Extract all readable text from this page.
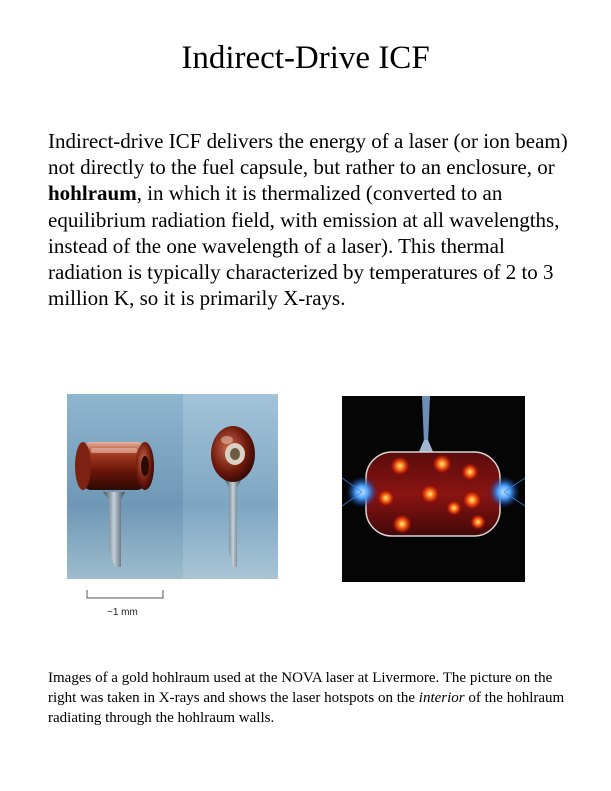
Indirect-Drive ICF
Indirect-drive ICF delivers the energy of a laser (or ion beam) not directly to the fuel capsule, but rather to an enclosure, or hohlraum, in which it is thermalized (converted to an equilibrium radiation field, with emission at all wavelengths, instead of the one wavelength of a laser). This thermal radiation is typically characterized by temperatures of 2 to 3 million K, so it is primarily X-rays.
~1 mm
Images of a gold hohlraum used at the NOVA laser at Livermore. The picture on the right was taken in X-rays and shows the laser hotspots on the interior of the hohlraum radiating through the hohlraum walls.
